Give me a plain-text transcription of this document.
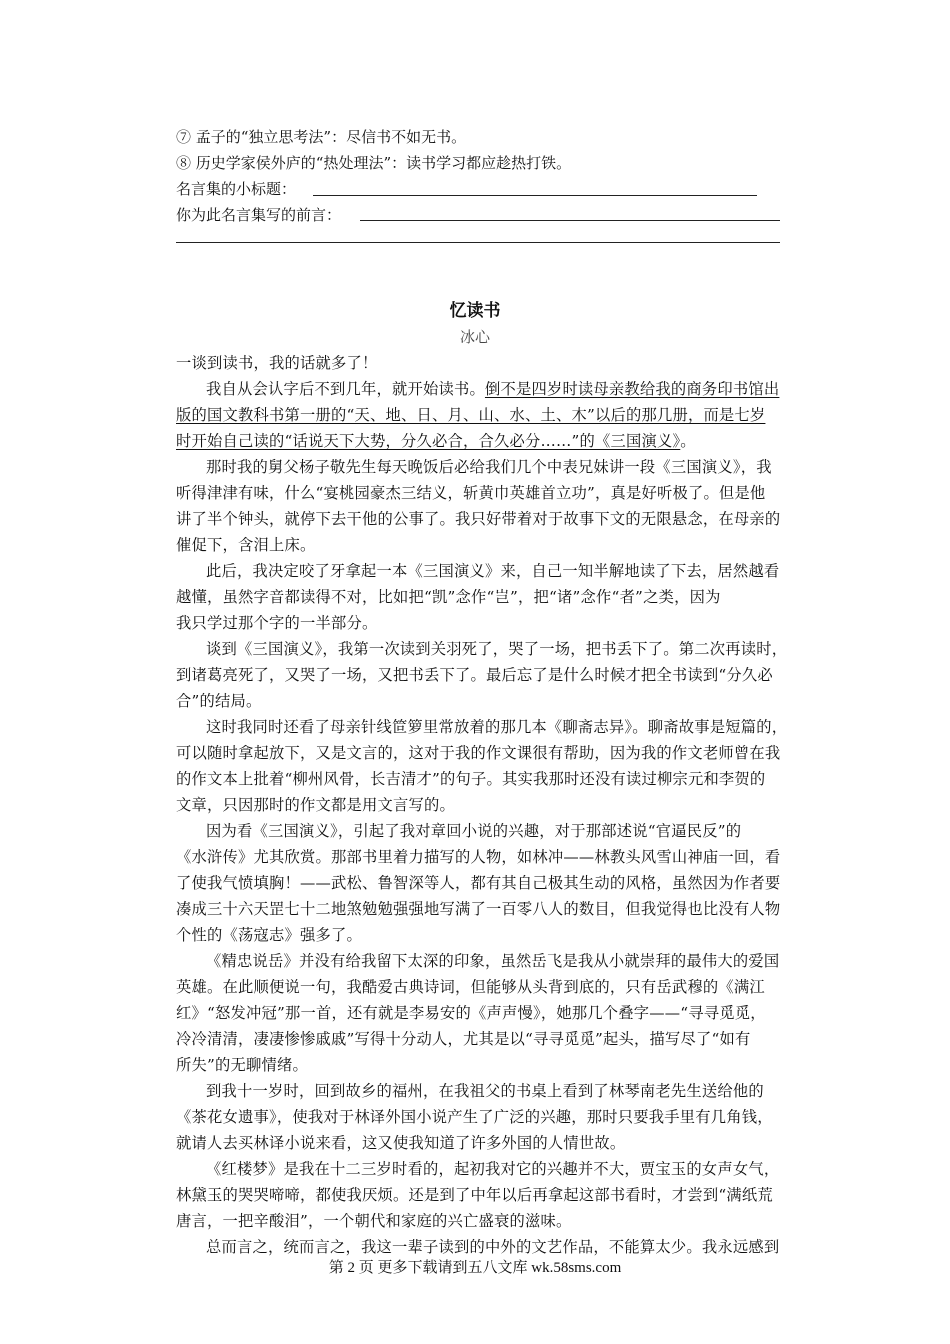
⑦ 孟子的“独立思考法”：尽信书不如无书。
⑧ 历史学家侯外庐的“热处理法”：读书学习都应趁热打铁。
名言集的小标题：
你为此名言集写的前言：
忆读书
冰心
一谈到读书，我的话就多了！
我自从会认字后不到几年，就开始读书。倒不是四岁时读母亲教给我的商务印书馆出
版的国文教科书第一册的“天、地、日、月、山、水、土、木”以后的那几册，而是七岁
时开始自己读的“话说天下大势，分久必合，合久必分……”的《三国演义》。
那时我的舅父杨子敬先生每天晚饭后必给我们几个中表兄妹讲一段《三国演义》，我
听得津津有味，什么“宴桃园豪杰三结义，斩黄巾英雄首立功”，真是好听极了。但是他
讲了半个钟头，就停下去干他的公事了。我只好带着对于故事下文的无限悬念，在母亲的
催促下，含泪上床。
此后，我决定咬了牙拿起一本《三国演义》来，自己一知半解地读了下去，居然越看
越懂，虽然字音都读得不对，比如把“凯”念作“岂”，把“诸”念作“者”之类，因为
我只学过那个字的一半部分。
谈到《三国演义》，我第一次读到关羽死了，哭了一场，把书丢下了。第二次再读时，
到诸葛亮死了，又哭了一场，又把书丢下了。最后忘了是什么时候才把全书读到“分久必
合”的结局。
这时我同时还看了母亲针线笸箩里常放着的那几本《聊斋志异》。聊斋故事是短篇的，
可以随时拿起放下，又是文言的，这对于我的作文课很有帮助，因为我的作文老师曾在我
的作文本上批着“柳州风骨，长吉清才”的句子。其实我那时还没有读过柳宗元和李贺的
文章，只因那时的作文都是用文言写的。
因为看《三国演义》，引起了我对章回小说的兴趣，对于那部述说“官逼民反”的
《水浒传》尤其欣赏。那部书里着力描写的人物，如林冲——林教头风雪山神庙一回，看
了使我气愤填胸！——武松、鲁智深等人，都有其自己极其生动的风格，虽然因为作者要
凑成三十六天罡七十二地煞勉勉强强地写满了一百零八人的数目，但我觉得也比没有人物
个性的《荡寇志》强多了。
《精忠说岳》并没有给我留下太深的印象，虽然岳飞是我从小就崇拜的最伟大的爱国
英雄。在此顺便说一句，我酷爱古典诗词，但能够从头背到底的，只有岳武穆的《满江
红》“怒发冲冠”那一首，还有就是李易安的《声声慢》，她那几个叠字——“寻寻觅觅，
冷冷清清，凄凄惨惨戚戚”写得十分动人，尤其是以“寻寻觅觅”起头，描写尽了“如有
所失”的无聊情绪。
到我十一岁时，回到故乡的福州，在我祖父的书桌上看到了林琴南老先生送给他的
《茶花女遗事》，使我对于林译外国小说产生了广泛的兴趣，那时只要我手里有几角钱，
就请人去买林译小说来看，这又使我知道了许多外国的人情世故。
《红楼梦》是我在十二三岁时看的，起初我对它的兴趣并不大，贾宝玉的女声女气，
林黛玉的哭哭啼啼，都使我厌烦。还是到了中年以后再拿起这部书看时，才尝到“满纸荒
唐言，一把辛酸泪”，一个朝代和家庭的兴亡盛衰的滋味。
总而言之，统而言之，我这一辈子读到的中外的文艺作品，不能算太少。我永远感到
第 2 页 更多下载请到五八文库 wk.58sms.com
